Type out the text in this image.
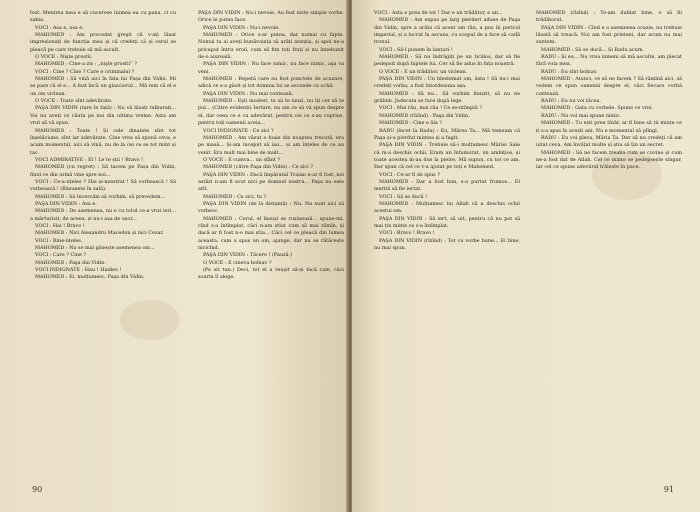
fost. Menirea mea e să cucerese inimea ea cu pana, ci cu sabia.

VOCI : Asa e, asa e.

MAHOMED : Am procedat greşit că v-ați lăsat impresionați de funcția mea și că credeți că și cerul se pleacă pe care trebuie să mă ascult.

O VOCE : Nişte prostii.

MAHOMED : Cine-a zis : „nişte prostii” ?

VOCI : Cine ? Cine ? Care e criminalul ?

MAHOMED : Să vină aici în fata lui Pașa din Vidin. Mi se pare că el e... A fost încă un glasciorul... Mă tem că el e un om viclean.

O VOCE : Toate sînt adevărate.

PAŞA DIN VIDIN (tare în față) : Nu vă lăsați tulburați... Voi nu aveți ce căuta pe noi din ultima vreme. Asta am vrut să vă spun.

MAHOMED : Toate ! Și cele dinainte sînt tot înșelăciune, sînt iar adevărate. Cine vrea să spună ceva, e acum momentul, aici să vină, nu de la cei ce se tot mint și tac.

VOCI ADMIRATIVE : El ! Le te știi ! Bravo !

MAHOMED (cu regret) : Să tacem pe Pașa din Vidin, fiind ce din urmă vine spre noi...

VOCI : Ce-a-nțeles ? Hai și-nzestrat ! Să vorbească ! Să vorbească ! (Răsunete în sală).

MAHOMED : Să încercăm să vorbim, să prevedem...

PAŞA DIN VIDIN : Asa e.

MAHOMED : De asemenea, nu e cu totul ce-a vrut ieri... a mărturisit, de aceea, și nu-i așa de ușor...

VOCI : Hai ! Bravo !

MAHOMED : Nici Alexandru Macedon și nici Cezar.

VOCI : Bine-nțeles.

MAHOMED : Nu se mai găsește asemenea om...

VOCI : Care ? Cine ?

MAHOMED : Paşa din Vidin.

VOCI INDIGNATE : Hau ! Haideo !

MAHOMED : Ei, mulțumesc, Pașa din Vidin.

PAŞA DIN VIDIN : Nu-i nevoie. Au fost niste simple vorbe. Orice le putea face.

PAŞA DIN VIDIN : Nu-i nevoie.

MAHOMED : Orice s-ar putea, dar numai cu fapte. Numai tu ai aveți bunăvoința să arăți atenția, și apoi ne-a priceput întru eroii, cum să fim toți frați și nu înnebunit de-o aiureală.

PAŞA DIN VIDIN : Nu face nimic, nu face nimic, aşa va veni.

MAHOMED : Repetă care au fost punctele de acuzare, adică ce s-a găsit și tot domnia lui se ascunde cu ochii.

PAŞA DIN VIDIN : Nu mai contează.

MAHOMED : Eşti modest, tu să te lauzi, nu îți cer să te pui... (Către evidenți) Iertare, nu am ce să vă spun despre el, dar ceea ce e cu adevărat, pentru cei ce s-au cuprins, pentru toți oamenii aceia...

VOCI INDIGNATE : Ce zici ?

MAHOMED : Am văzut o foaie din noaptea trecută, era pe masă... Și-am început să iau... și am înțeles de ce au venit. Era mult mai bine de mult...

O VOCE : E cumva... un sfânt ?

MAHOMED (către Paşa din Vidin) : Ce zici ?

PAŞA DIN VIDIN : Dacă împăratul Traian n-ar fi fost, noi astăzi n-am fi avut nici pe domnul nostru... Paşa nu este atît.

MAHOMED : Ce zici, tu ?

PAŞA DIN VIDIN (de la distanță) : Nu. Nu sunt aici să vorbesc.

MAHOMED : Cerul, el însuși se rușinează... spune-mi, cînd s-a întîmplat, căci n-am știut cum să mai rămîn, și dacă ar fi fost n-o mai știu... Căci cel ce pleacă din lumea aceasta, cum a spus un om, ajunge, dar nu se rătăcește nicicînd.

PAŞA DIN VIDIN : Tăcere ! (Pauză.)

O VOCE : E cineva bolnav ?

(Pe sit tun.) Deci, tot el a reușit să-și facă cale, căci soarta îl alege.

90

VOCI : Asta e prea de tot ! Dar e un trădător, e un...

MAHOMED : Am expus pe larg pierderi aduse de Paşa din Vidin, spre a arăta că acest om rău, a pus în pericol imperiul, și a lucrat în ascuns, cu scopul de a face să cadă tronul.

VOCI : Să-l punem în lanțuri !

MAHOMED : Să nu îndrăgiți pe un ticălos, dar să fie pedepsit după faptele lui. Cer să fie adus în fața noastră.

O VOCE : E un trădător, un viclean.

PAŞA DIN VIDIN : Un blestemat om, ăsta ! Să nu-i mai credeți vorba, a fost întotdeauna așa.

MAHOMED : Să nu... Să vorbim liniștit, să nu ne grăbim. Judecata se face după lege.

VOCI : Mai rău, mai rău ! Ce se-ntîmplă ?

MAHOMED (rîzînd) : Paşa din Vidin.

MAHOMED : Cine e ăla ?

RADU (încet la Radu) : Eu, Mârea Ta... Mă temeam că Paşa și-a pierdut mintea și a fugit.

PAŞA DIN VIDIN : Trebuie să-i mulțumesc Măriei Sale că m-a deschis ochii. Eram un înfumurat, un ambițios, și toate acestea m-au dus la pieire. Mă supun, cu tot ce am. Dar spun că cel ce v-a ajutat pe toți e Mahomed.

VOCI : Ce-ar fi de spus ?

MAHOMED : Dar a fost bun, s-a purtat frumos... El merită să fie iertat.

VOCI : Să se ducă !

MAHOMED : Mulțumesc lui Allah că a deschis ochii acestui om.

PAŞA DIN VIDIN : Să iert, să uit, pentru că nu pot să mai țin minte ce s-a întîmplat.

VOCI : Bravo ! Bravo !

PAŞA DIN VIDIN (rîzînd) : Tot cu vorbe bune... Ei bine, nu mai spun.

MAHOMED (rîzînd) : Te-am dublat bine, o să fii trădătorul.

PAŞA DIN VIDIN : Cînd e o asemenea ocazie, nu trebuie lăsată să treacă. Noi am fost prieteni, dar acum nu mai suntem.

MAHOMED : Să se ducă... Și Radu acum.

RADU : Și eu... Nu vrea nimeni să mă asculte, am plecat fără voia mea.

RADU : Eu sînt bolnav.

MAHOMED : Atunci, ce să ne facem ? Să rămînă aici, să vedem ce spun oamenii despre el, căci fiecare vorbă contează.

RADU : Eu nu voi tăcea.

MAHOMED : Gata cu vorbele. Spune ce vrei.

RADU : Nu voi mai spune nimic.

MAHOMED : Tu ești prea tînăr, ar fi bine să ții minte ce ți s-a spus în acești ani. Nu e momentul să plîngi.

RADU : Eu voi pleca, Măria Ta. Dar să nu credeți că am uitat ceva. Am învățat multe și știu să țin un secret.

MAHOMED : Să ne facem treaba cum se cuvine și cum ne-a fost dat de Allah. Cel ce minte se pedepsește singur, iar cel ce spune adevărul trăiește în pace.

91
